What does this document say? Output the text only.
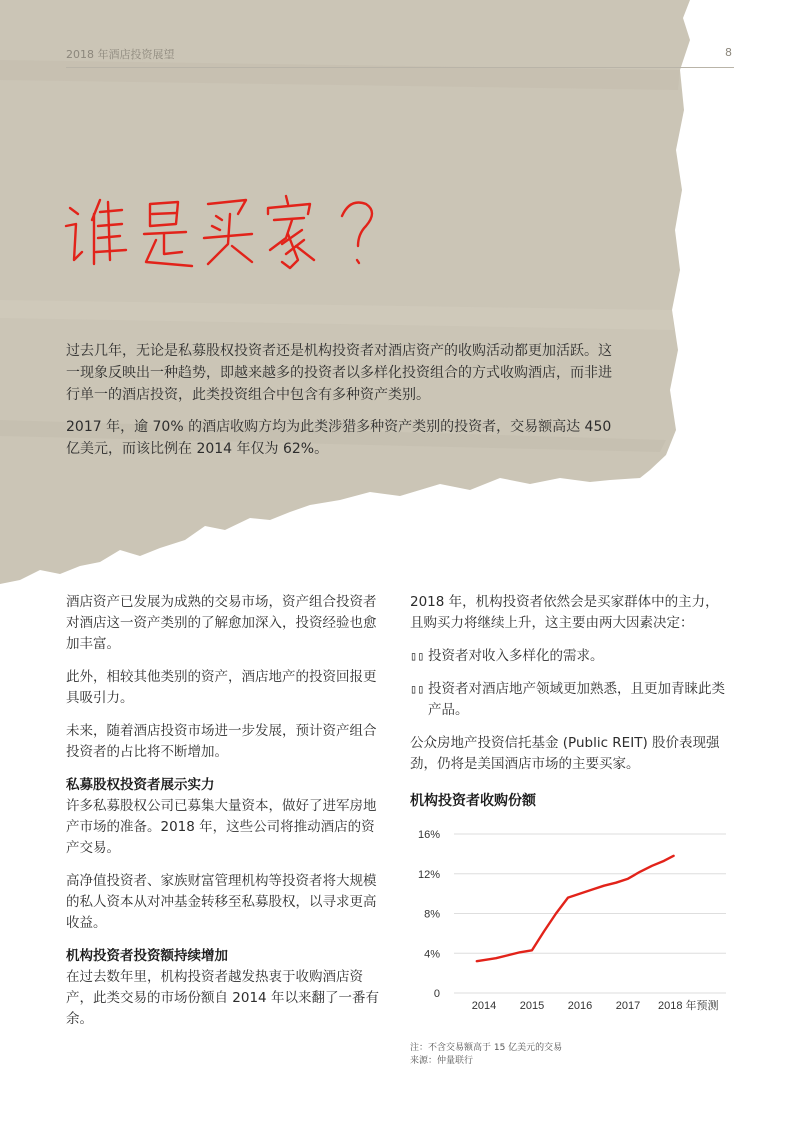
2018 年酒店投资展望	8

过去几年，无论是私募股权投资者还是机构投资者对酒店资产的收购活动都更加活跃。这一现象反映出一种趋势，即越来越多的投资者以多样化投资组合的方式收购酒店，而非进行单一的酒店投资，此类投资组合中包含有多种资产类别。

2017 年，逾 70% 的酒店收购方均为此类涉猎多种资产类别的投资者，交易额高达 450 亿美元，而该比例在 2014 年仅为 62%。

酒店资产已发展为成熟的交易市场，资产组合投资者对酒店这一资产类别的了解愈加深入，投资经验也愈加丰富。

此外，相较其他类别的资产，酒店地产的投资回报更具吸引力。

未来，随着酒店投资市场进一步发展，预计资产组合投资者的占比将不断增加。

私募股权投资者展示实力

许多私募股权公司已募集大量资本，做好了进军房地产市场的准备。2018 年，这些公司将推动酒店的资产交易。

高净值投资者、家族财富管理机构等投资者将大规模的私人资本从对冲基金转移至私募股权，以寻求更高收益。

机构投资者投资额持续增加

在过去数年里，机构投资者越发热衷于收购酒店资产，此类交易的市场份额自 2014 年以来翻了一番有余。

2018 年，机构投资者依然会是买家群体中的主力，且购买力将继续上升，这主要由两大因素决定：

▯▯ 投资者对收入多样化的需求。

▯▯ 投资者对酒店地产领域更加熟悉，且更加青睐此类产品。

公众房地产投资信托基金 (Public REIT) 股价表现强劲，仍将是美国酒店市场的主要买家。

机构投资者收购份额
0
4%
8%
12%
16%
2014 2015 2016 2017 2018 年预测
注：不含交易额高于 15 亿美元的交易
来源：仲量联行
